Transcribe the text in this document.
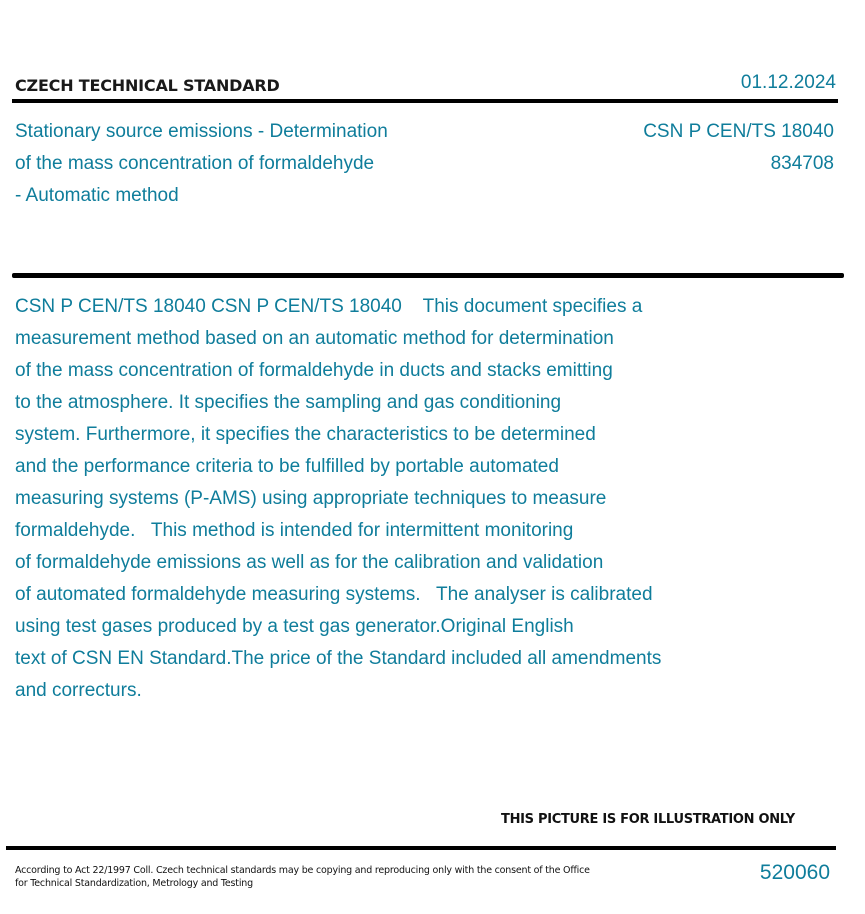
CZECH TECHNICAL STANDARD	01.12.2024
Stationary source emissions - Determination
of the mass concentration of formaldehyde
- Automatic method
CSN P CEN/TS 18040
834708
CSN P CEN/TS 18040 CSN P CEN/TS 18040    This document specifies a
measurement method based on an automatic method for determination
of the mass concentration of formaldehyde in ducts and stacks emitting
to the atmosphere. It specifies the sampling and gas conditioning
system. Furthermore, it specifies the characteristics to be determined
and the performance criteria to be fulfilled by portable automated
measuring systems (P-AMS) using appropriate techniques to measure
formaldehyde.   This method is intended for intermittent monitoring
of formaldehyde emissions as well as for the calibration and validation
of automated formaldehyde measuring systems.   The analyser is calibrated
using test gases produced by a test gas generator.Original English
text of CSN EN Standard.The price of the Standard included all amendments
and correcturs.
THIS PICTURE IS FOR ILLUSTRATION ONLY
According to Act 22/1997 Coll. Czech technical standards may be copying and reproducing only with the consent of the Office
for Technical Standardization, Metrology and Testing	520060
